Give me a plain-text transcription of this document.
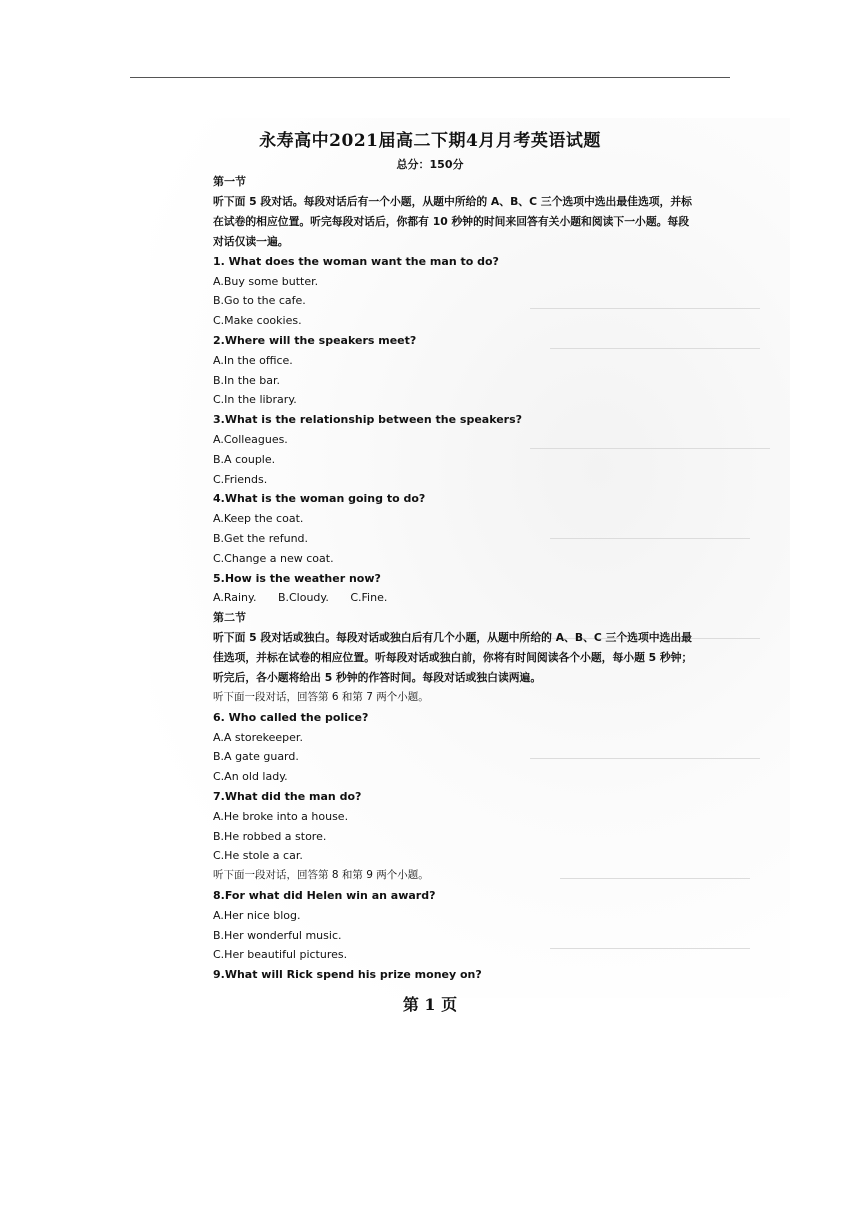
永寿高中2021届高二下期4月月考英语试题
总分：150分
第一节
听下面 5 段对话。每段对话后有一个小题，从题中所给的 A、B、C 三个选项中选出最佳选项，并标
在试卷的相应位置。听完每段对话后，你都有 10 秒钟的时间来回答有关小题和阅读下一小题。每段
对话仅读一遍。
1. What does the woman want the man to do?
A.Buy some butter.
B.Go to the cafe.
C.Make cookies.
2.Where will the speakers meet?
A.In the office.
B.In the bar.
C.In the library.
3.What is the relationship between the speakers?
A.Colleagues.
B.A couple.
C.Friends.
4.What is the woman going to do?
A.Keep the coat.
B.Get the refund.
C.Change a new coat.
5.How is the weather now?
A.Rainy. B.Cloudy. C.Fine.
第二节
听下面 5 段对话或独白。每段对话或独白后有几个小题，从题中所给的 A、B、C 三个选项中选出最
佳选项，并标在试卷的相应位置。听每段对话或独白前，你将有时间阅读各个小题，每小题 5 秒钟；
听完后，各小题将给出 5 秒钟的作答时间。每段对话或独白读两遍。
听下面一段对话，回答第 6 和第 7 两个小题。
6. Who called the police?
A.A storekeeper.
B.A gate guard.
C.An old lady.
7.What did the man do?
A.He broke into a house.
B.He robbed a store.
C.He stole a car.
听下面一段对话，回答第 8 和第 9 两个小题。
8.For what did Helen win an award?
A.Her nice blog.
B.Her wonderful music.
C.Her beautiful pictures.
9.What will Rick spend his prize money on?
第 1 页
